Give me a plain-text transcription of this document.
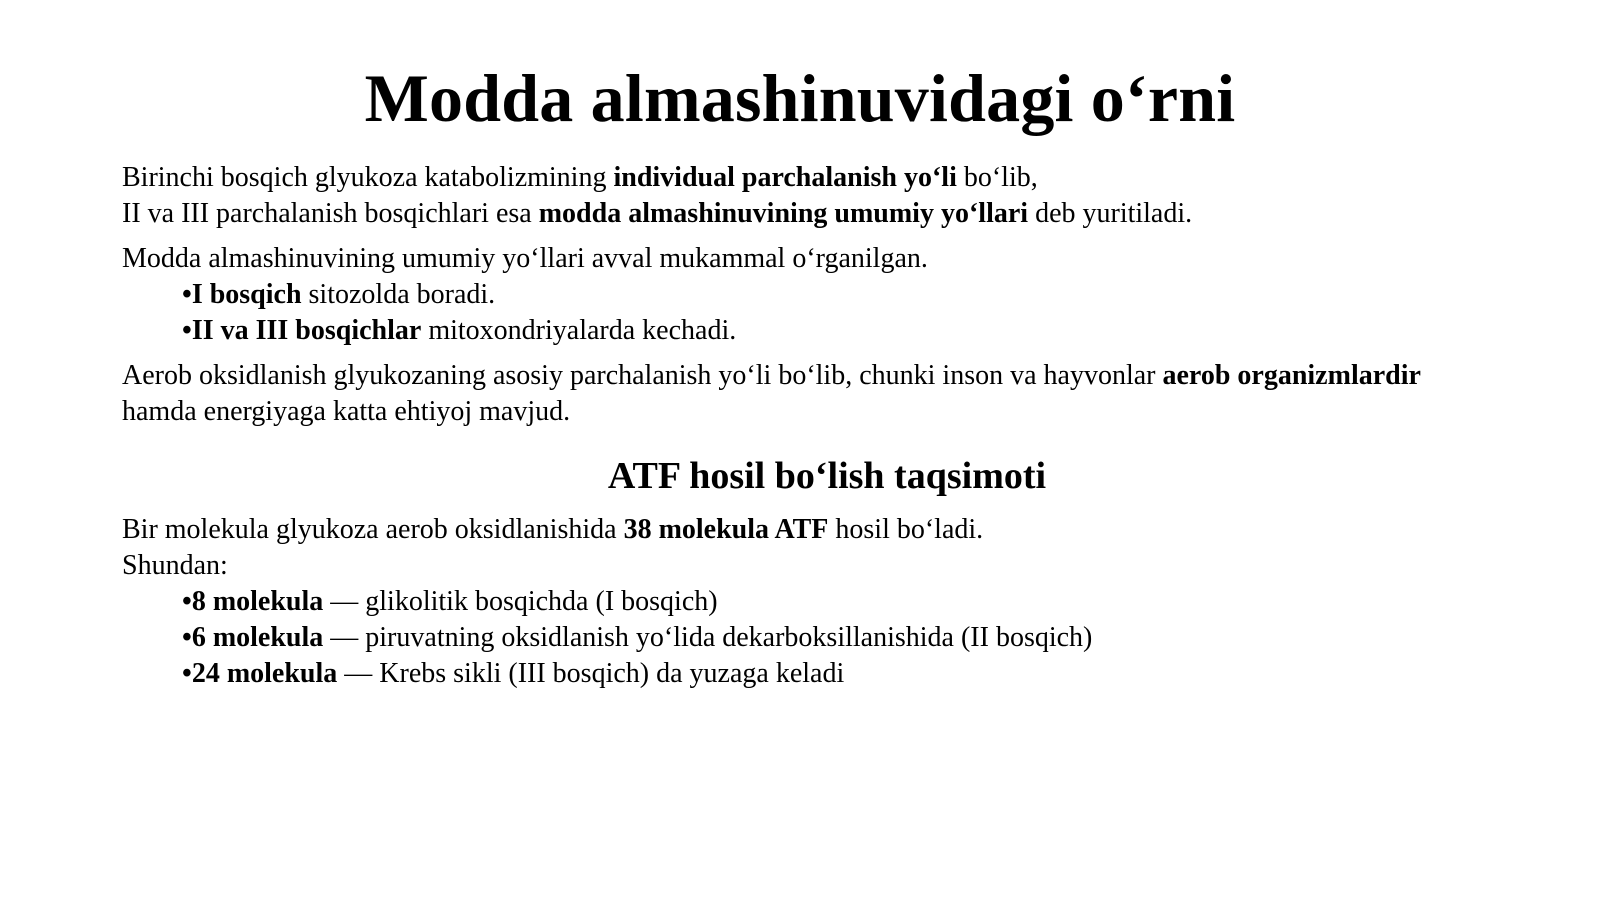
Modda almashinuvidagi o‘rni

Birinchi bosqich glyukoza katabolizmining individual parchalanish yo‘li bo‘lib,
II va III parchalanish bosqichlari esa modda almashinuvining umumiy yo‘llari deb yuritiladi.

Modda almashinuvining umumiy yo‘llari avval mukammal o‘rganilgan.

•I bosqich sitozolda boradi.
•II va III bosqichlar mitoxondriyalarda kechadi.

Aerob oksidlanish glyukozaning asosiy parchalanish yo‘li bo‘lib, chunki inson va hayvonlar aerob organizmlardir hamda energiyaga katta ehtiyoj mavjud.

ATF hosil bo‘lish taqsimoti

Bir molekula glyukoza aerob oksidlanishida 38 molekula ATF hosil bo‘ladi.

Shundan:

•8 molekula — glikolitik bosqichda (I bosqich)
•6 molekula — piruvatning oksidlanish yo‘lida dekarboksillanishida (II bosqich)
•24 molekula — Krebs sikli (III bosqich) da yuzaga keladi
